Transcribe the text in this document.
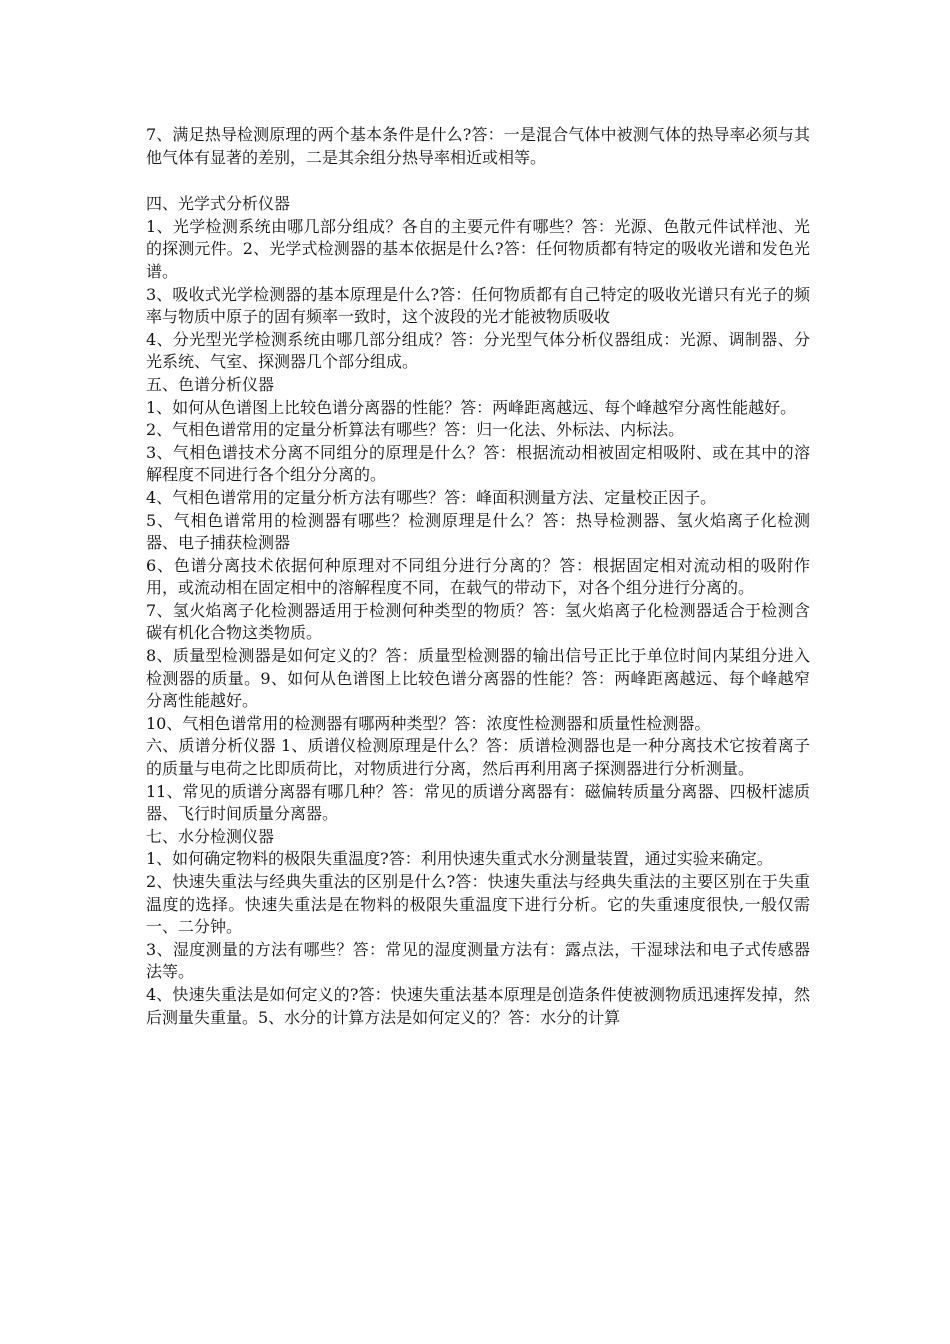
7、满足热导检测原理的两个基本条件是什么?答：一是混合气体中被测气体的热导率必须与其他气体有显著的差别，二是其余组分热导率相近或相等。

四、光学式分析仪器

1、光学检测系统由哪几部分组成？各自的主要元件有哪些？答：光源、色散元件试样池、光的探测元件。2、光学式检测器的基本依据是什么?答：任何物质都有特定的吸收光谱和发色光谱。

3、吸收式光学检测器的基本原理是什么?答：任何物质都有自己特定的吸收光谱只有光子的频率与物质中原子的固有频率一致时，这个波段的光才能被物质吸收

4、分光型光学检测系统由哪几部分组成？答：分光型气体分析仪器组成：光源、调制器、分光系统、气室、探测器几个部分组成。

五、色谱分析仪器

1、如何从色谱图上比较色谱分离器的性能？答：两峰距离越远、每个峰越窄分离性能越好。

2、气相色谱常用的定量分析算法有哪些？答：归一化法、外标法、内标法。

3、气相色谱技术分离不同组分的原理是什么？答：根据流动相被固定相吸附、或在其中的溶解程度不同进行各个组分分离的。

4、气相色谱常用的定量分析方法有哪些？答：峰面积测量方法、定量校正因子。

5、气相色谱常用的检测器有哪些？检测原理是什么？答：热导检测器、氢火焰离子化检测器、电子捕获检测器

6、色谱分离技术依据何种原理对不同组分进行分离的？答：根据固定相对流动相的吸附作用，或流动相在固定相中的溶解程度不同，在载气的带动下，对各个组分进行分离的。

7、氢火焰离子化检测器适用于检测何种类型的物质？答：氢火焰离子化检测器适合于检测含碳有机化合物这类物质。

8、质量型检测器是如何定义的？答：质量型检测器的输出信号正比于单位时间内某组分进入检测器的质量。9、如何从色谱图上比较色谱分离器的性能？答：两峰距离越远、每个峰越窄分离性能越好。

10、气相色谱常用的检测器有哪两种类型？答：浓度性检测器和质量性检测器。

六、质谱分析仪器 1、质谱仪检测原理是什么？答：质谱检测器也是一种分离技术它按着离子的质量与电荷之比即质荷比，对物质进行分离，然后再利用离子探测器进行分析测量。

11、常见的质谱分离器有哪几种？答：常见的质谱分离器有：磁偏转质量分离器、四极杆滤质器、飞行时间质量分离器。

七、水分检测仪器

1、如何确定物料的极限失重温度?答：利用快速失重式水分测量装置，通过实验来确定。

2、快速失重法与经典失重法的区别是什么?答：快速失重法与经典失重法的主要区别在于失重温度的选择。快速失重法是在物料的极限失重温度下进行分析。它的失重速度很快,一般仅需一、二分钟。

3、湿度测量的方法有哪些？答：常见的湿度测量方法有：露点法，干湿球法和电子式传感器法等。

4、快速失重法是如何定义的?答：快速失重法基本原理是创造条件使被测物质迅速挥发掉，然后测量失重量。5、水分的计算方法是如何定义的？答：水分的计算
